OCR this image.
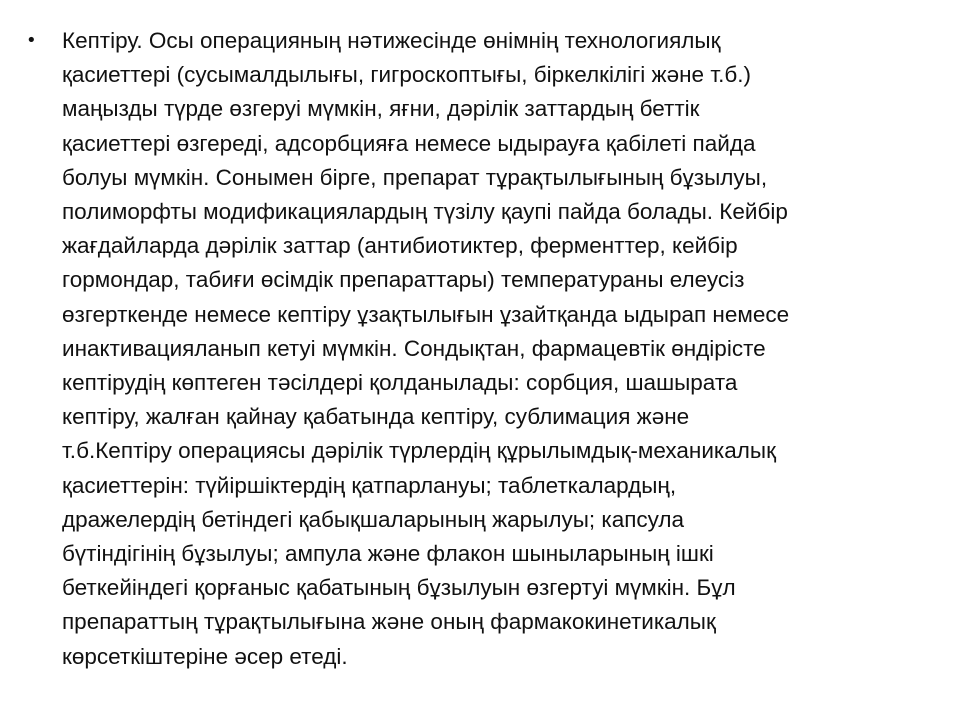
•	Кептіру. Осы операцияның нәтижесінде өнімнің технологиялық
қасиеттері (сусымалдылығы, гигроскоптығы, біркелкілігі және т.б.)
маңызды түрде өзгеруі мүмкін, яғни, дәрілік заттардың беттік
қасиеттері өзгереді, адсорбцияға немесе ыдырауға қабілеті пайда
болуы мүмкін. Сонымен бірге, препарат тұрақтылығының бұзылуы,
полиморфты модификациялардың түзілу қаупі пайда болады. Кейбір
жағдайларда дәрілік заттар (антибиотиктер, ферменттер, кейбір
гормондар, табиғи өсімдік препараттары) температураны елеусіз
өзгерткенде немесе кептіру ұзақтылығын ұзайтқанда ыдырап немесе
инактивацияланып кетуі мүмкін. Сондықтан, фармацевтік өндірісте
кептірудің көптеген тәсілдері қолданылады: сорбция, шашырата
кептіру, жалған қайнау қабатында кептіру, сублимация және
т.б.Кептіру операциясы дәрілік түрлердің құрылымдық-механикалық
қасиеттерін: түйіршіктердің қатпарлануы; таблеткалардың,
дражелердің бетіндегі қабықшаларының жарылуы; капсула
бүтіндігінің бұзылуы; ампула және флакон шыныларының ішкі
беткейіндегі қорғаныс қабатының бұзылуын өзгертуі мүмкін. Бұл
препараттың тұрақтылығына және оның фармакокинетикалық
көрсеткіштеріне әсер етеді.
